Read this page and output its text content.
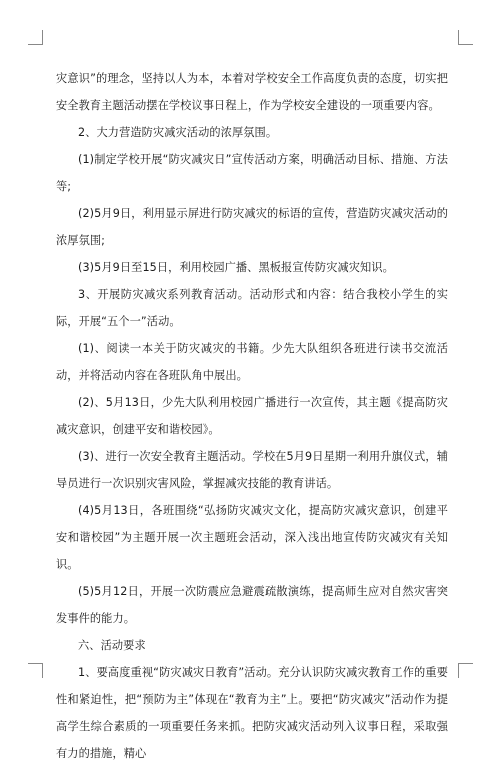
灾意识”的理念，坚持以人为本，本着对学校安全工作高度负责的态度，切实把安全教育主题活动摆在学校议事日程上，作为学校安全建设的一项重要内容。

2、大力营造防灾减灾活动的浓厚氛围。

(1)制定学校开展“防灾减灾日”宣传活动方案，明确活动目标、措施、方法等;

(2)5月9日，利用显示屏进行防灾减灾的标语的宣传，营造防灾减灾活动的浓厚氛围;

(3)5月9日至15日，利用校园广播、黑板报宣传防灾减灾知识。

3、开展防灾减灾系列教育活动。活动形式和内容：结合我校小学生的实际，开展“五个一”活动。

(1)、阅读一本关于防灾减灾的书籍。少先大队组织各班进行读书交流活动，并将活动内容在各班队角中展出。

(2)、5月13日，少先大队利用校园广播进行一次宣传，其主题《提高防灾减灾意识，创建平安和谐校园》。

(3)、进行一次安全教育主题活动。学校在5月9日星期一利用升旗仪式，辅导员进行一次识别灾害风险，掌握减灾技能的教育讲话。

(4)5月13日，各班围绕“弘扬防灾减灾文化，提高防灾减灾意识，创建平安和谐校园”为主题开展一次主题班会活动，深入浅出地宣传防灾减灾有关知识。

(5)5月12日，开展一次防震应急避震疏散演练，提高师生应对自然灾害突发事件的能力。

六、活动要求

1、要高度重视“防灾减灾日教育”活动。充分认识防灾减灾教育工作的重要性和紧迫性，把“预防为主”体现在“教育为主”上。要把“防灾减灾”活动作为提高学生综合素质的一项重要任务来抓。把防灾减灾活动列入议事日程，采取强有力的措施，精心
